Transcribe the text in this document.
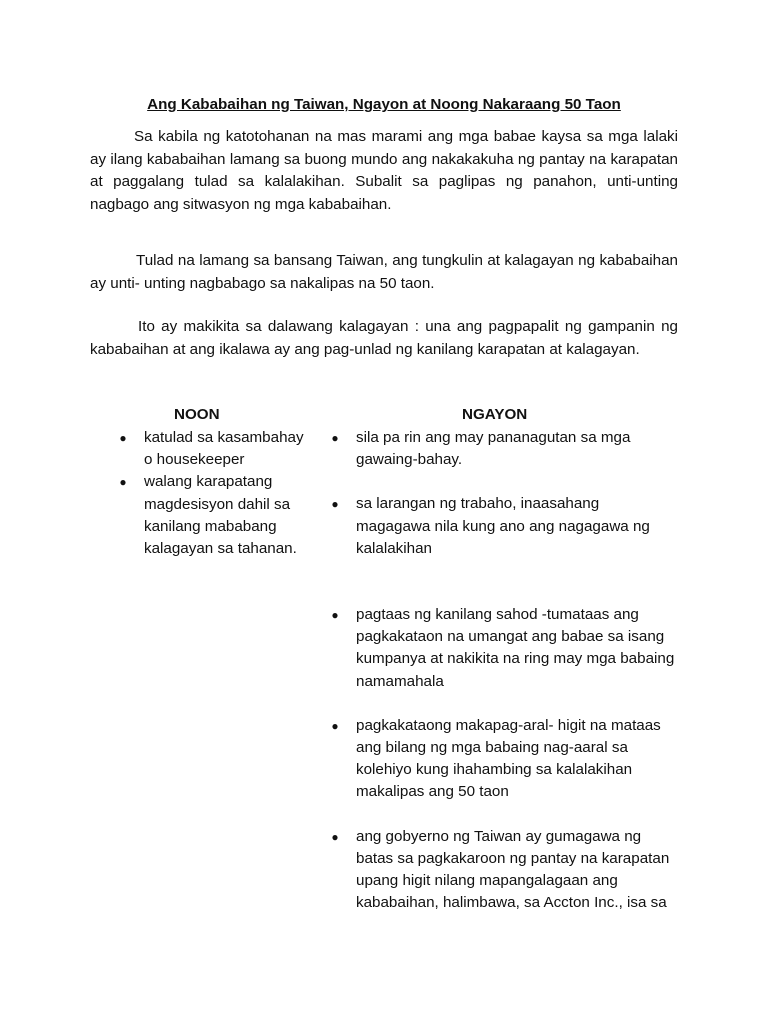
Ang Kababaihan ng Taiwan, Ngayon at Noong Nakaraang 50 Taon

Sa kabila ng katotohanan na mas marami ang mga babae kaysa sa mga lalaki ay ilang kababaihan lamang sa buong mundo ang nakakakuha ng pantay na karapatan at paggalang tulad sa kalalakihan. Subalit sa paglipas ng panahon, unti-unting nagbago ang sitwasyon ng mga kababaihan.

Tulad na lamang sa bansang Taiwan, ang tungkulin at kalagayan ng kababaihan ay unti- unting nagbabago sa nakalipas na 50 taon.

Ito ay makikita sa dalawang kalagayan : una ang pagpapalit ng gampanin ng kababaihan at ang ikalawa ay ang pag-unlad ng kanilang karapatan at kalagayan.

NOON	NGAYON
● katulad sa kasambahay o housekeeper
● walang karapatang magdesisyon dahil sa kanilang mababang kalagayan sa tahanan.
● sila pa rin ang may pananagutan sa mga gawaing-bahay.
● sa larangan ng trabaho, inaasahang magagawa nila kung ano ang nagagawa ng kalalakihan
● pagtaas ng kanilang sahod -tumataas ang pagkakataon na umangat ang babae sa isang kumpanya at nakikita na ring may mga babaing namamahala
● pagkakataong makapag-aral- higit na mataas ang bilang ng mga babaing nag-aaral sa kolehiyo kung ihahambing sa kalalakihan makalipas ang 50 taon
● ang gobyerno ng Taiwan ay gumagawa ng batas sa pagkakaroon ng pantay na karapatan upang higit nilang mapangalagaan ang kababaihan, halimbawa, sa Accton Inc., isa sa
